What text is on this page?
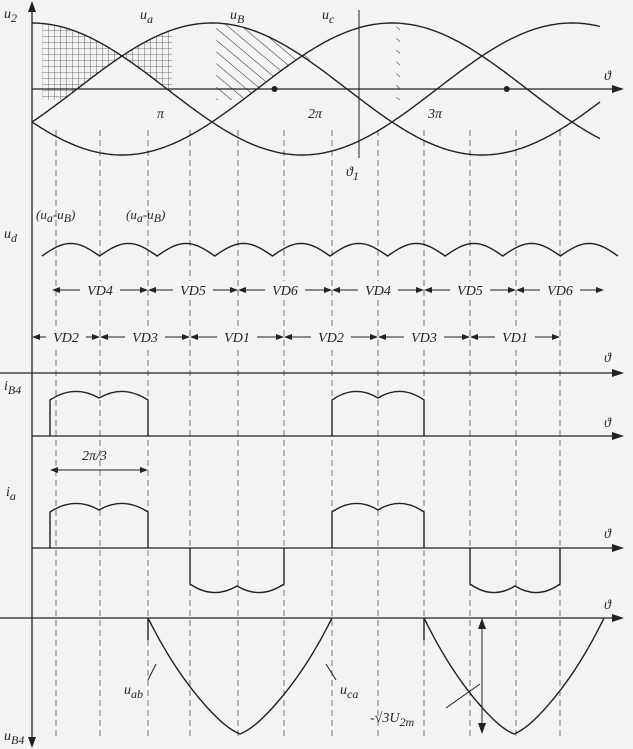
VD4	VD5	VD6	VD4	VD5	VD6
VD2	VD3	VD1	VD2	VD3	VD1
u2	ua	uB	uc
ϑ
π	2π	3π
ϑ1
ud
(ua-uB)	(ua-uB)
ϑ
iB4
ϑ
2π/3
ia
ϑ
ϑ
uab	uca
-√3U2m
uB4
